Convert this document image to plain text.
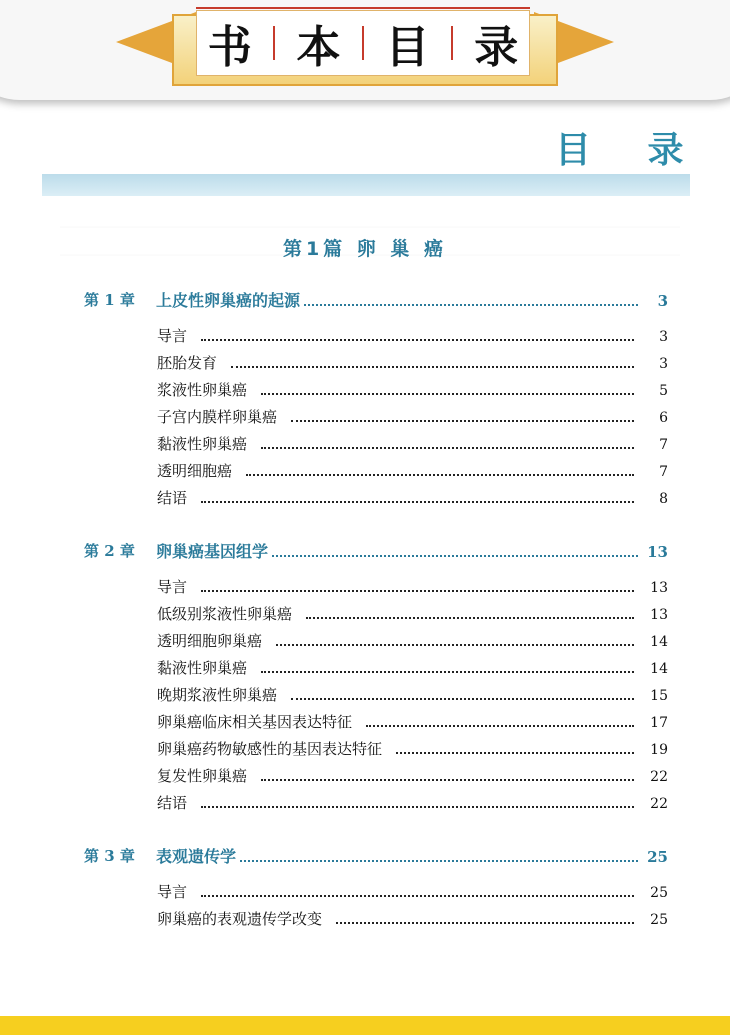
书 本 目 录
目 录
第1篇 卵 巢 癌
第 1 章 上皮性卵巢癌的起源	3
导言	3
胚胎发育	3
浆液性卵巢癌	5
子宫内膜样卵巢癌	6
黏液性卵巢癌	7
透明细胞癌	7
结语	8
第 2 章 卵巢癌基因组学	13
导言	13
低级别浆液性卵巢癌	13
透明细胞卵巢癌	14
黏液性卵巢癌	14
晚期浆液性卵巢癌	15
卵巢癌临床相关基因表达特征	17
卵巢癌药物敏感性的基因表达特征	19
复发性卵巢癌	22
结语	22
第 3 章 表观遗传学	25
导言	25
卵巢癌的表观遗传学改变	25
